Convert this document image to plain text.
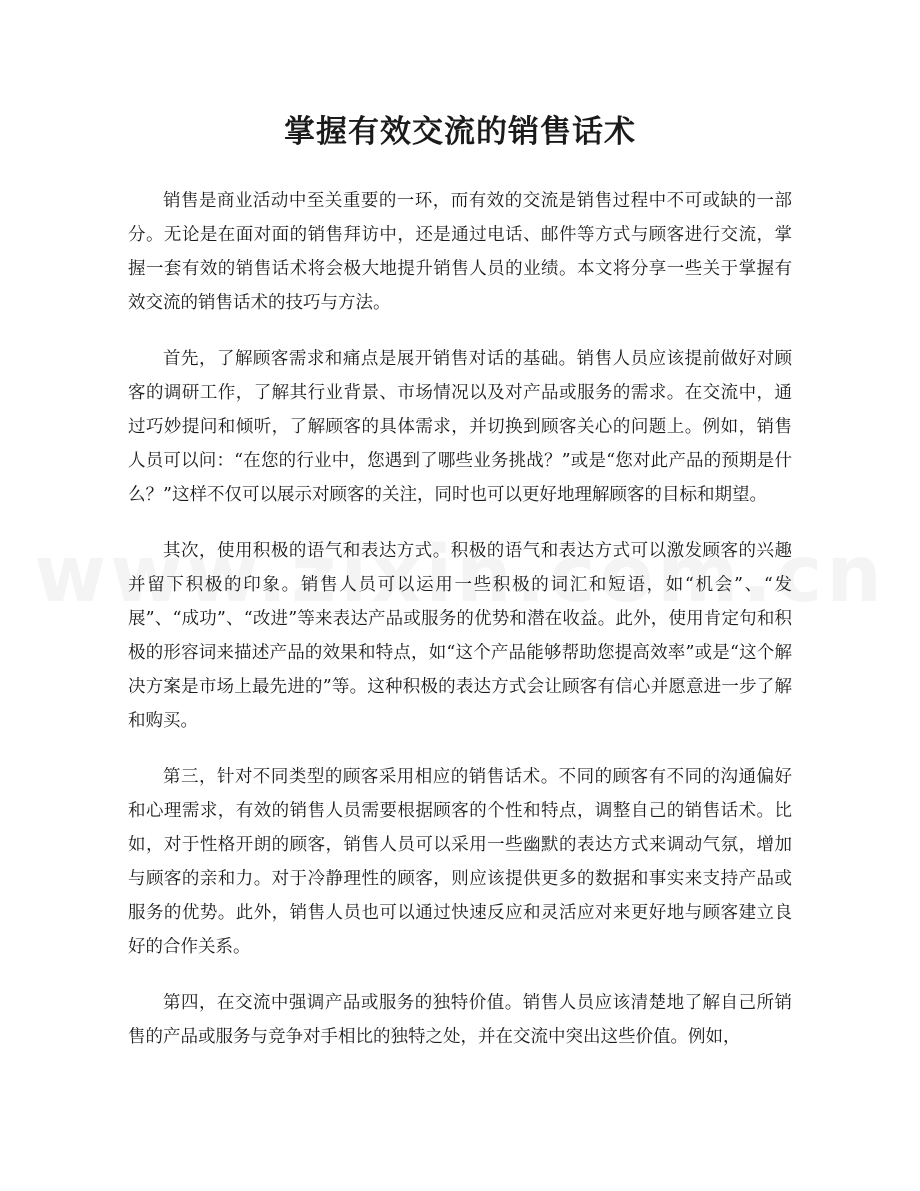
掌握有效交流的销售话术

销售是商业活动中至关重要的一环，而有效的交流是销售过程中不可或缺的一部分。无论是在面对面的销售拜访中，还是通过电话、邮件等方式与顾客进行交流，掌握一套有效的销售话术将会极大地提升销售人员的业绩。本文将分享一些关于掌握有效交流的销售话术的技巧与方法。

首先，了解顾客需求和痛点是展开销售对话的基础。销售人员应该提前做好对顾客的调研工作，了解其行业背景、市场情况以及对产品或服务的需求。在交流中，通过巧妙提问和倾听，了解顾客的具体需求，并切换到顾客关心的问题上。例如，销售人员可以问：“在您的行业中，您遇到了哪些业务挑战？”或是“您对此产品的预期是什么？”这样不仅可以展示对顾客的关注，同时也可以更好地理解顾客的目标和期望。

其次，使用积极的语气和表达方式。积极的语气和表达方式可以激发顾客的兴趣并留下积极的印象。销售人员可以运用一些积极的词汇和短语，如“机会”、“发展”、“成功”、“改进”等来表达产品或服务的优势和潜在收益。此外，使用肯定句和积极的形容词来描述产品的效果和特点，如“这个产品能够帮助您提高效率”或是“这个解决方案是市场上最先进的”等。这种积极的表达方式会让顾客有信心并愿意进一步了解和购买。

第三，针对不同类型的顾客采用相应的销售话术。不同的顾客有不同的沟通偏好和心理需求，有效的销售人员需要根据顾客的个性和特点，调整自己的销售话术。比如，对于性格开朗的顾客，销售人员可以采用一些幽默的表达方式来调动气氛，增加与顾客的亲和力。对于冷静理性的顾客，则应该提供更多的数据和事实来支持产品或服务的优势。此外，销售人员也可以通过快速反应和灵活应对来更好地与顾客建立良好的合作关系。

第四，在交流中强调产品或服务的独特价值。销售人员应该清楚地了解自己所销售的产品或服务与竞争对手相比的独特之处，并在交流中突出这些价值。例如，
